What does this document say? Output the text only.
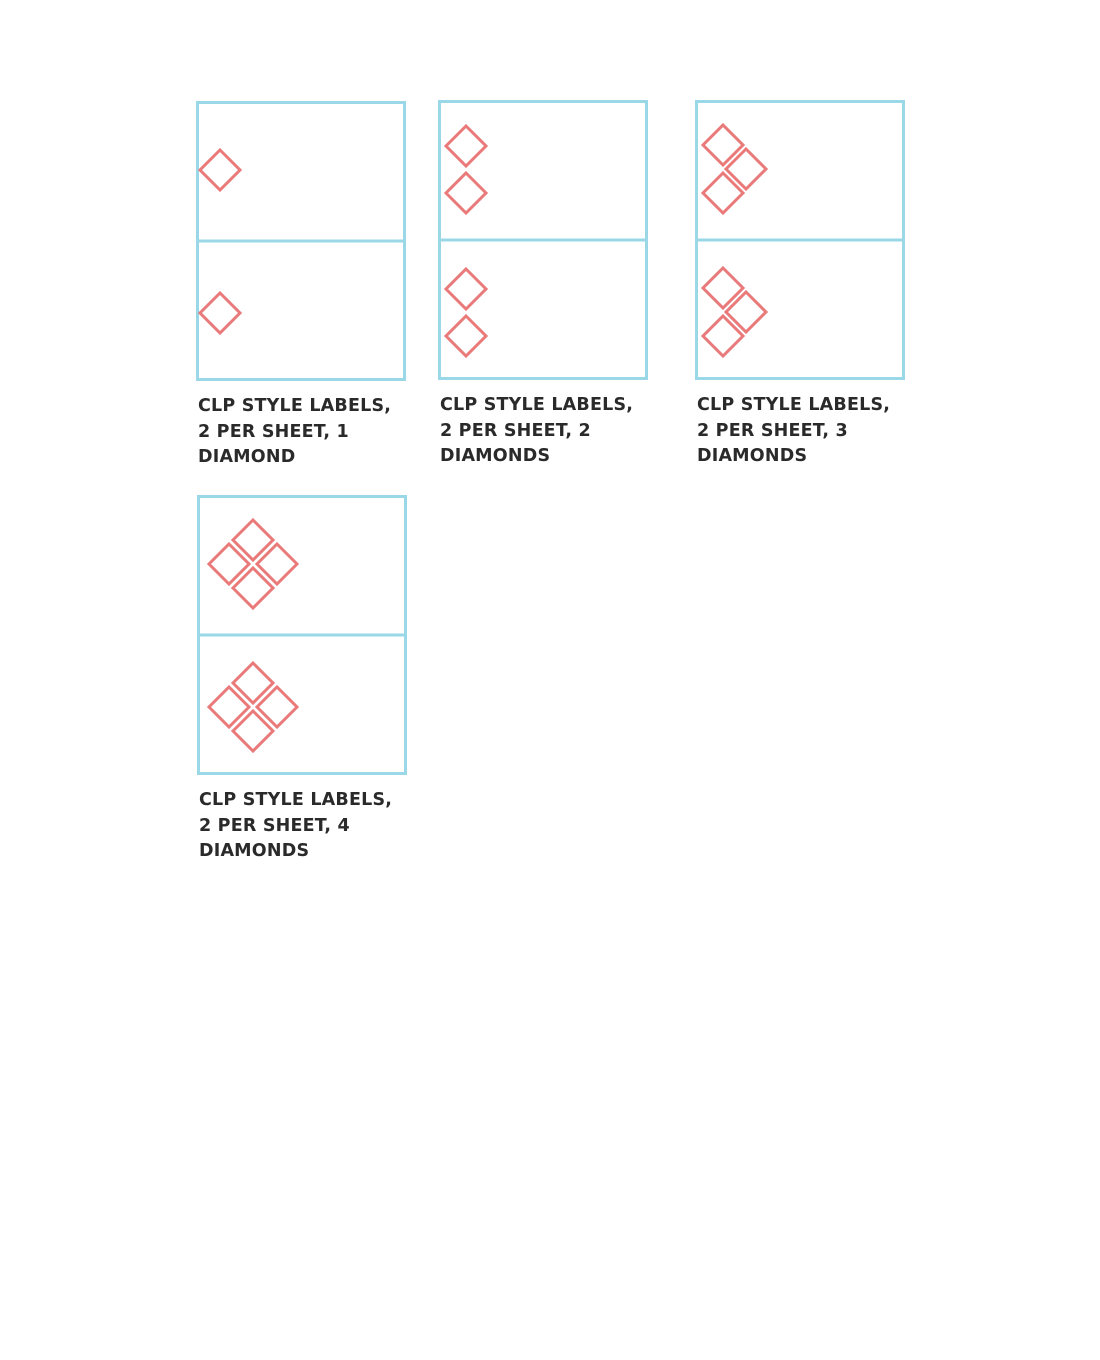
CLP STYLE LABELS,
2 PER SHEET, 1
DIAMOND
CLP STYLE LABELS,
2 PER SHEET, 2
DIAMONDS
CLP STYLE LABELS,
2 PER SHEET, 3
DIAMONDS
CLP STYLE LABELS,
2 PER SHEET, 4
DIAMONDS
